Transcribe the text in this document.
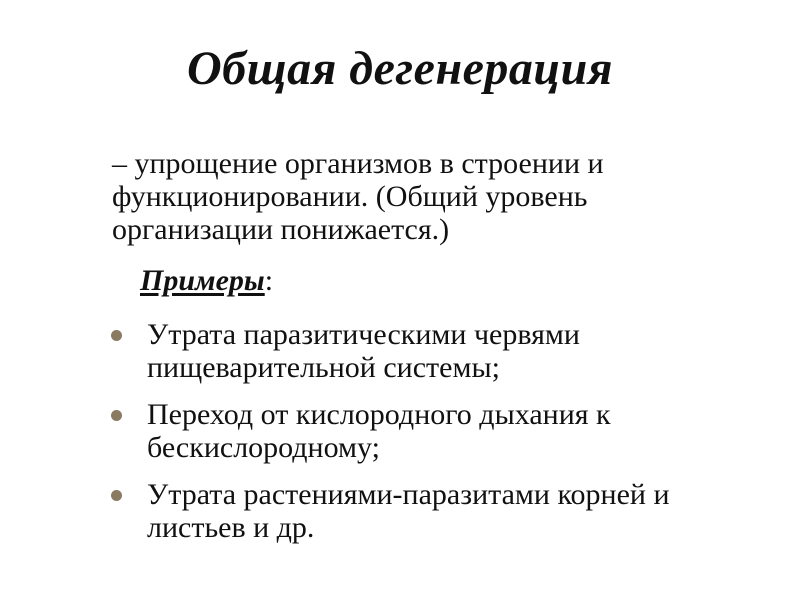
Общая дегенерация

– упрощение организмов в строении и функционировании. (Общий уровень организации понижается.)

Примеры:
Утрата паразитическими червями пищеварительной системы;
Переход от кислородного дыхания к бескислородному;
Утрата растениями-паразитами корней и листьев и др.
